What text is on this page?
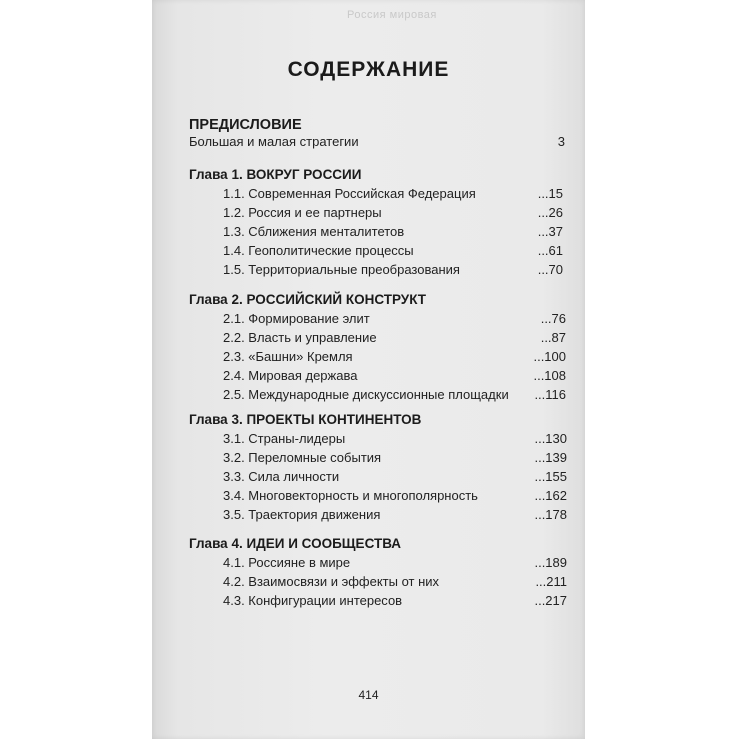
Россия мировая
СОДЕРЖАНИЕ
ПРЕДИСЛОВИЕ
Большая и малая стратегии	3
Глава 1. ВОКРУГ РОССИИ
1.1. Современная Российская Федерация	...15
1.2. Россия и ее партнеры	...26
1.3. Сближения менталитетов	...37
1.4. Геополитические процессы	...61
1.5. Территориальные преобразования	...70
Глава 2. РОССИЙСКИЙ КОНСТРУКТ
2.1. Формирование элит	...76
2.2. Власть и управление	...87
2.3. «Башни» Кремля	...100
2.4. Мировая держава	...108
2.5. Международные дискуссионные площадки ...116
Глава 3. ПРОЕКТЫ КОНТИНЕНТОВ
3.1. Страны-лидеры	...130
3.2. Переломные события	...139
3.3. Сила личности	...155
3.4. Многовекторность и многополярность	...162
3.5. Траектория движения	...178
Глава 4. ИДЕИ И СООБЩЕСТВА
4.1. Россияне в мире	...189
4.2. Взаимосвязи и эффекты от них	...211
4.3. Конфигурации интересов	...217
414
